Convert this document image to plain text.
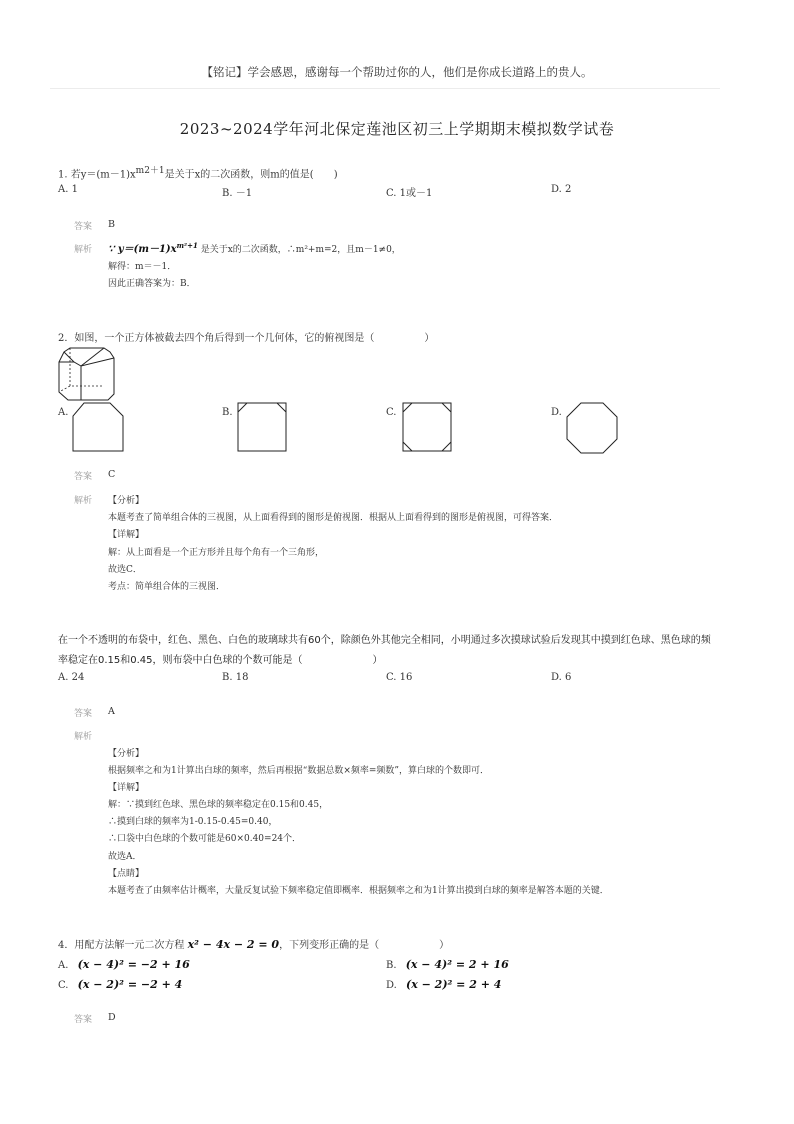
【铭记】学会感恩，感谢每一个帮助过你的人，他们是你成长道路上的贵人。
2023~2024学年河北保定莲池区初三上学期期末模拟数学试卷
1. 若$y=(m-1)x^{m2+1}$是关于x的二次函数，则m的值是(　　)
A. 1	B. －1	C. 1或－1	D. 2
答案 B
解析 ∵ $y=(m-1)x^{m^2+1}$ 是关于x的二次函数，∴m²+m=2，且m－1≠0，
解得：m＝－1．
因此正确答案为：B．
2．如图，一个正方体被截去四个角后得到一个几何体，它的俯视图是（　　　　　）
A.	B.	C.	D.
答案 C
解析 【分析】
本题考查了简单组合体的三视图，从上面看得到的图形是俯视图．根据从上面看得到的图形是俯视图，可得答案．
【详解】
解：从上面看是一个正方形并且每个角有一个三角形，
故选C．
考点：简单组合体的三视图．
在一个不透明的布袋中，红色、黑色、白色的玻璃球共有60个，除颜色外其他完全相同，小明通过多次摸球试验后发现其中摸到红色球、黑色球的频
率稳定在0.15和0.45，则布袋中白色球的个数可能是（　　　　　　　）
A. 24	B. 18	C. 16	D. 6
答案 A
解析
【分析】
根据频率之和为1计算出白球的频率，然后再根据“数据总数×频率=频数”，算白球的个数即可．
【详解】
解：∵摸到红色球、黑色球的频率稳定在0.15和0.45，
∴摸到白球的频率为1-0.15-0.45=0.40，
∴口袋中白色球的个数可能是60×0.40=24个．
故选A．
【点睛】
本题考查了由频率估计概率，大量反复试验下频率稳定值即概率．根据频率之和为1计算出摸到白球的频率是解答本题的关键．
4．用配方法解一元二次方程 x² − 4x − 2 = 0，下列变形正确的是（　　　　　　）
A. (x − 4)² = −2 + 16	B. (x − 4)² = 2 + 16
C. (x − 2)² = −2 + 4	D. (x − 2)² = 2 + 4
答案 D
